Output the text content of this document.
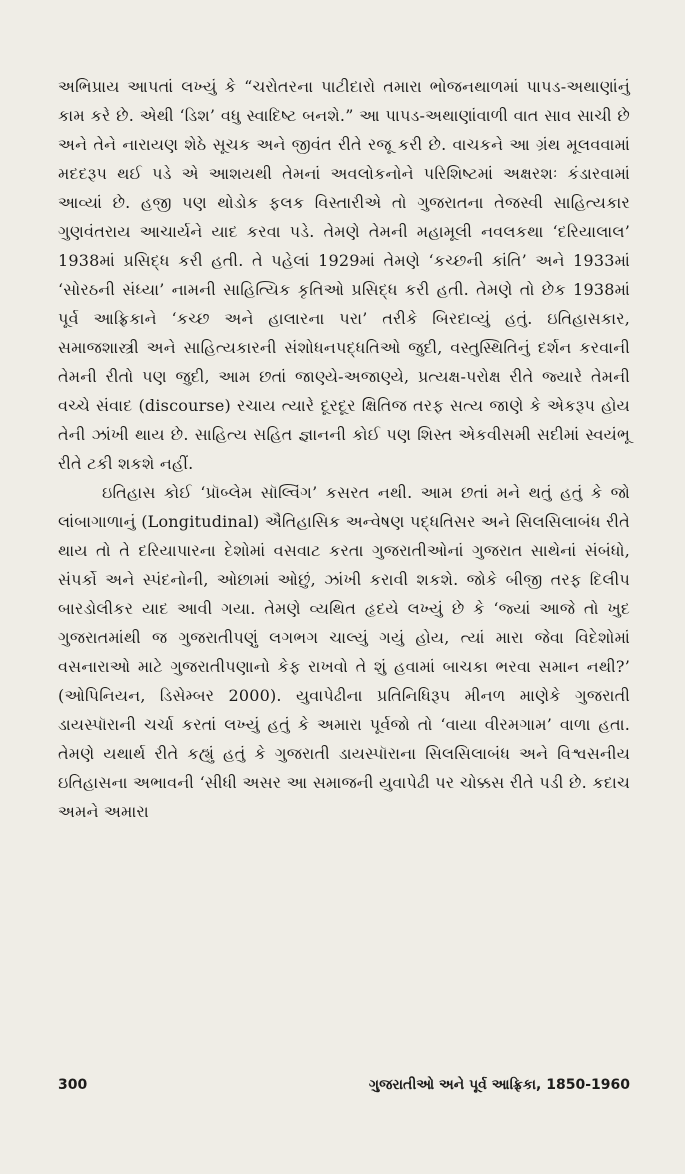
અભિપ્રાય આપતાં લખ્યું કે “ચરોતરના પાટીદારો તમારા ભોજનથાળમાં પાપડ-અથાણાંનું કામ કરે છે. એથી ‘ડિશ’ વધુ સ્વાદિષ્ટ બનશે.” આ પાપડ-અથાણાંવાળી વાત સાવ સાચી છે અને તેને નારાયણ શેઠે સૂચક અને જીવંત રીતે રજૂ કરી છે. વાચકને આ ગ્રંથ મૂલવવામાં મદદરૂપ થઈ પડે એ આશયથી તેમનાં અવલોકનોને પરિશિષ્ટમાં અક્ષરશઃ કંડારવામાં આવ્યાં છે. હજી પણ થોડોક ફલક વિસ્તારીએ તો ગુજરાતના તેજસ્વી સાહિત્યકાર ગુણવંતરાય આચાર્યને યાદ કરવા પડે. તેમણે તેમની મહામૂલી નવલકથા ‘દરિયાલાલ’ 1938માં પ્રસિદ્ધ કરી હતી. તે પહેલાં 1929માં તેમણે ‘કચ્છની કાંતિ’ અને 1933માં ‘સોરઠની સંધ્યા’ નામની સાહિત્યિક કૃતિઓ પ્રસિદ્ધ કરી હતી. તેમણે તો છેક 1938માં પૂર્વ આફ્રિકાને ‘કચ્છ અને હાલારના પરા’ તરીકે બિરદાવ્યું હતું. ઇતિહાસકાર, સમાજશાસ્ત્રી અને સાહિત્યકારની સંશોધનપદ્ધતિઓ જુદી, વસ્તુસ્થિતિનું દર્શન કરવાની તેમની રીતો પણ જુદી, આમ છતાં જાણ્યે-અજાણ્યે, પ્રત્યક્ષ-પરોક્ષ રીતે જ્યારે તેમની વચ્ચે સંવાદ (discourse) રચાય ત્યારે દૂરદૂર ક્ષિતિજ તરફ સત્ય જાણે કે એકરૂપ હોય તેની ઝાંખી થાય છે. સાહિત્ય સહિત જ્ઞાનની કોઈ પણ શિસ્ત એકવીસમી સદીમાં સ્વયંભૂ રીતે ટકી શકશે નહીં.

ઇતિહાસ કોઈ ‘પ્રૉબ્લેમ સૉલ્વિંગ’ કસરત નથી. આમ છતાં મને થતું હતું કે જો લાંબાગાળાનું (Longitudinal) ઐતિહાસિક અન્વેષણ પદ્ધતિસર અને સિલસિલાબંધ રીતે થાય તો તે દરિયાપારના દેશોમાં વસવાટ કરતા ગુજરાતીઓનાં ગુજરાત સાથેનાં સંબંધો, સંપર્કો અને સ્પંદનોની, ઓછામાં ઓછું, ઝાંખી કરાવી શકશે. જોકે બીજી તરફ દિલીપ બારડોલીકર યાદ આવી ગયા. તેમણે વ્યથિત હૃદયે લખ્યું છે કે ‘જ્યાં આજે તો ખુદ ગુજરાતમાંથી જ ગુજરાતીપણું લગભગ ચાલ્યું ગયું હોય, ત્યાં મારા જેવા વિદેશોમાં વસનારાઓ માટે ગુજરાતીપણાનો કેફ રાખવો તે શું હવામાં બાચકા ભરવા સમાન નથી?’ (ઓપિનિયન, ડિસેમ્બર 2000). યુવાપેઢીના પ્રતિનિધિરૂપ મીનળ માણેકે ગુજરાતી ડાયસ્પૉરાની ચર્ચા કરતાં લખ્યું હતું કે અમારા પૂર્વજો તો ‘વાયા વીરમગામ’ વાળા હતા. તેમણે યથાર્થ રીતે કહ્યું હતું કે ગુજરાતી ડાયસ્પૉરાના સિલસિલાબંધ અને વિશ્વસનીય ઇતિહાસના અભાવની ‘સીધી અસર આ સમાજની યુવાપેઢી પર ચોક્કસ રીતે પડી છે. કદાચ અમને અમારા

300	ગુજરાતીઓ અને પૂર્વ આફ્રિકા, 1850-1960
